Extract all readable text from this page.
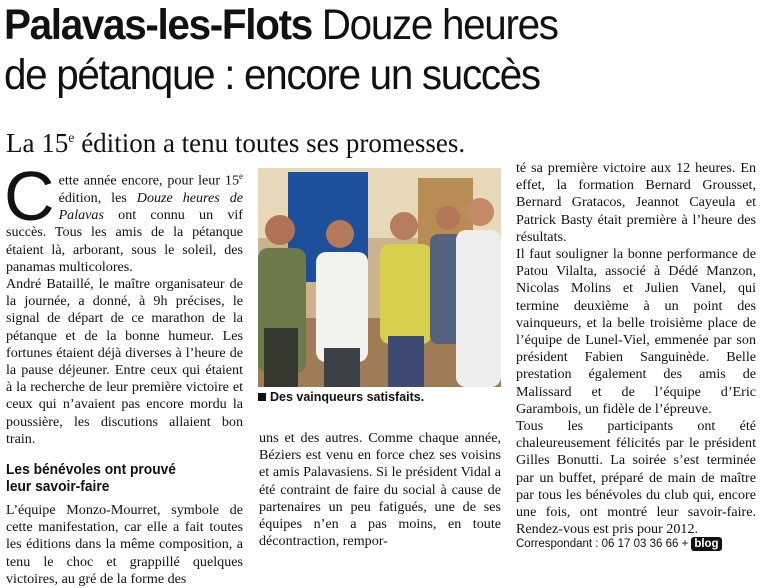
Palavas-les-Flots Douze heures
de pétanque : encore un succès
La 15e édition a tenu toutes ses promesses.

Cette année encore, pour leur 15e édition, les Douze heures de Palavas ont connu un vif succès. Tous les amis de la pétanque étaient là, arborant, sous le soleil, des panamas multicolores.

André Bataillé, le maître organisateur de la journée, a donné, à 9h précises, le signal de départ de ce marathon de la pétanque et de la bonne humeur. Les fortunes étaient déjà diverses à l’heure de la pause déjeuner. Entre ceux qui étaient à la recherche de leur première victoire et ceux qui n’avaient pas encore mordu la poussière, les discutions allaient bon train.

Les bénévoles ont prouvé
leur savoir-faire

L’équipe Monzo-Mourret, symbole de cette manifestation, car elle a fait toutes les éditions dans la même composition, a tenu le choc et grappillé quelques victoires, au gré de la forme des

Des vainqueurs satisfaits.

uns et des autres. Comme chaque année, Béziers est venu en force chez ses voisins et amis Palavasiens. Si le président Vidal a été contraint de faire du social à cause de partenaires un peu fatigués, une de ses équipes n’en a pas moins, en toute décontraction, rempor-

té sa première victoire aux 12 heures. En effet, la formation Bernard Grousset, Bernard Gratacos, Jeannot Cayeula et Patrick Basty était première à l’heure des résultats.

Il faut souligner la bonne performance de Patou Vilalta, associé à Dédé Manzon, Nicolas Molins et Julien Vanel, qui termine deuxième à un point des vainqueurs, et la belle troisième place de l’équipe de Lunel-Viel, emmenée par son président Fabien Sanguinède. Belle prestation également des amis de Malissard et de l’équipe d’Eric Garambois, un fidèle de l’épreuve.

Tous les participants ont été chaleureusement félicités par le président Gilles Bonutti. La soirée s’est terminée par un buffet, préparé de main de maître par tous les bénévoles du club qui, encore une fois, ont montré leur savoir-faire. Rendez-vous est pris pour 2012.

Correspondant : 06 17 03 36 66 + blog
